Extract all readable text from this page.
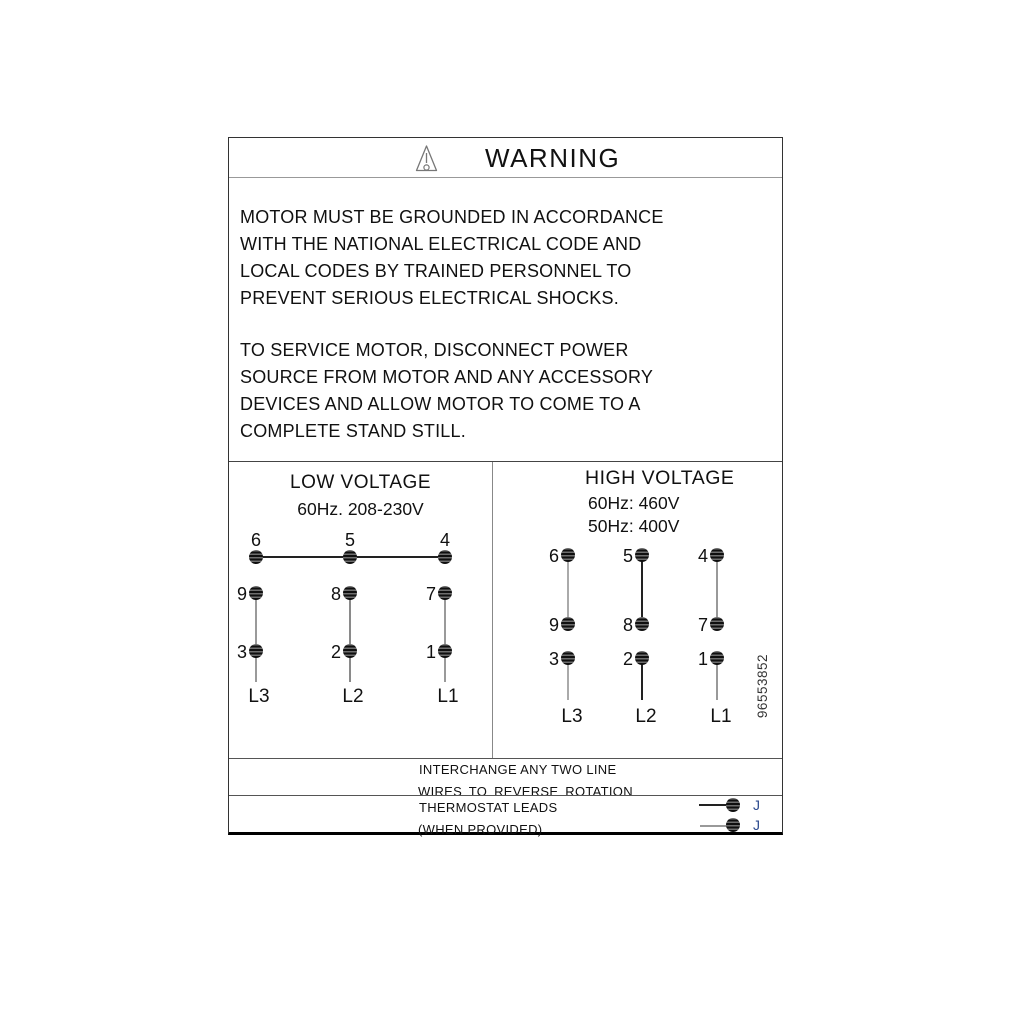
WARNING
MOTOR MUST BE GROUNDED IN ACCORDANCE
WITH THE NATIONAL ELECTRICAL CODE AND
LOCAL CODES BY TRAINED PERSONNEL TO
PREVENT SERIOUS ELECTRICAL SHOCKS.
TO SERVICE MOTOR, DISCONNECT POWER
SOURCE FROM MOTOR AND ANY ACCESSORY
DEVICES AND ALLOW MOTOR TO COME TO A
COMPLETE STAND STILL.
LOW VOLTAGE
60Hz. 208-230V
6	5	4
9	8	7
3	2	1
L3	L2	L1
HIGH VOLTAGE
60Hz: 460V
50Hz: 400V
6	5	4
9	8	7
3	2	1
L3	L2	L1	96553852
INTERCHANGE ANY TWO LINE
WIRES TO REVERSE ROTATION
THERMOSTAT LEADS
(WHEN PROVIDED)
J
J
